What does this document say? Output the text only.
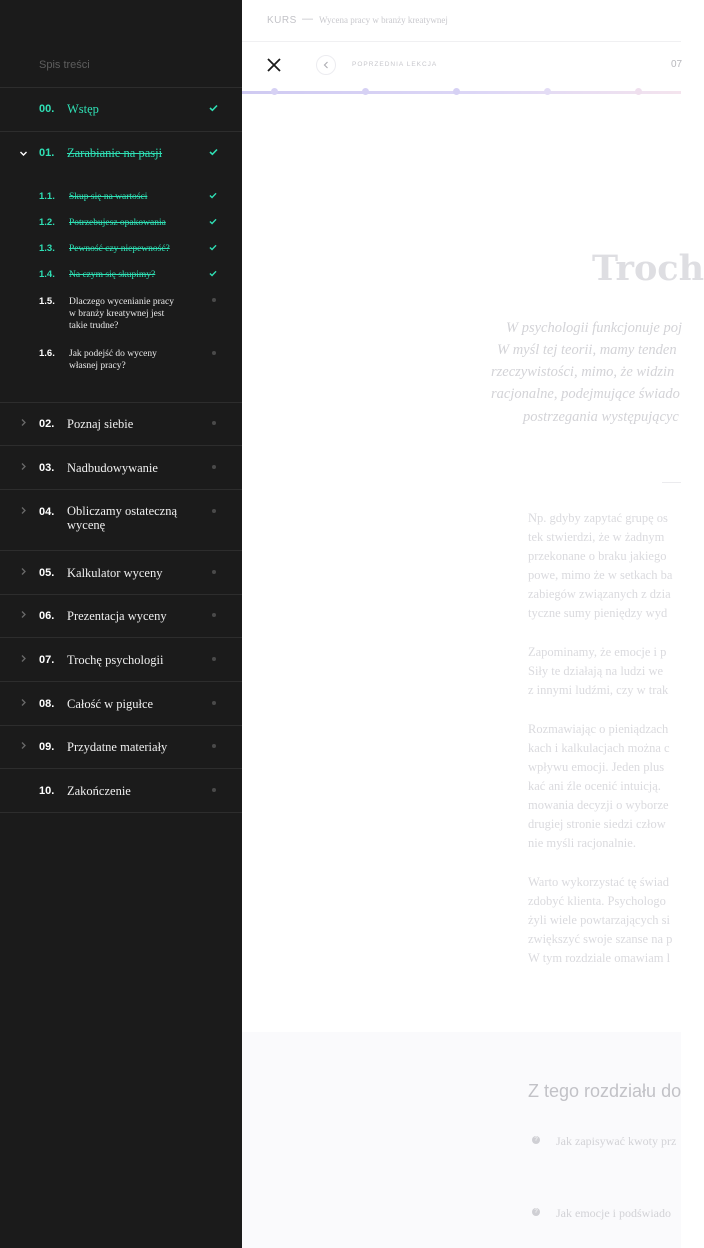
KURS — Wycena pracy w branży kreatywnej
POPRZEDNIA LEKCJA	07
Troch
W psychologii funkcjonuje poj
W myśl tej teorii, mamy tenden
rzeczywistości, mimo, że widzin
racjonalne, podejmujące świado
postrzegania występującyc
Np. gdyby zapytać grupę os
tek stwierdzi, że w żadnym
przekonane o braku jakiego
powe, mimo że w setkach ba
zabiegów związanych z dzia
tyczne sumy pieniędzy wyd
Zapominamy, że emocje i p
Siły te działają na ludzi we
z innymi ludźmi, czy w trak
Rozmawiając o pieniądzach
kach i kalkulacjach można c
wpływu emocji. Jeden plus
kać ani źle ocenić intuicją.
mowania decyzji o wyborze
drugiej stronie siedzi człow
nie myśli racjonalnie.
Warto wykorzystać tę świad
zdobyć klienta. Psychologo
żyli wiele powtarzających si
zwiększyć swoje szanse na p
W tym rozdziale omawiam l
Z tego rozdziału do
? Jak zapisywać kwoty prz
? Jak emocje i podświado
Spis treści
00. Wstęp
01. Zarabianie na pasji
1.1. Skup się na wartości
1.2. Potrzebujesz opakowania
1.3. Pewność czy niepewność?
1.4. Na czym się skupimy?
1.5. Dlaczego wycenianie pracy
w branży kreatywnej jest
takie trudne?
1.6. Jak podejść do wyceny
własnej pracy?
02. Poznaj siebie
03. Nadbudowywanie
04. Obliczamy ostateczną
wycenę
05. Kalkulator wyceny
06. Prezentacja wyceny
07. Trochę psychologii
08. Całość w pigułce
09. Przydatne materiały
10. Zakończenie
